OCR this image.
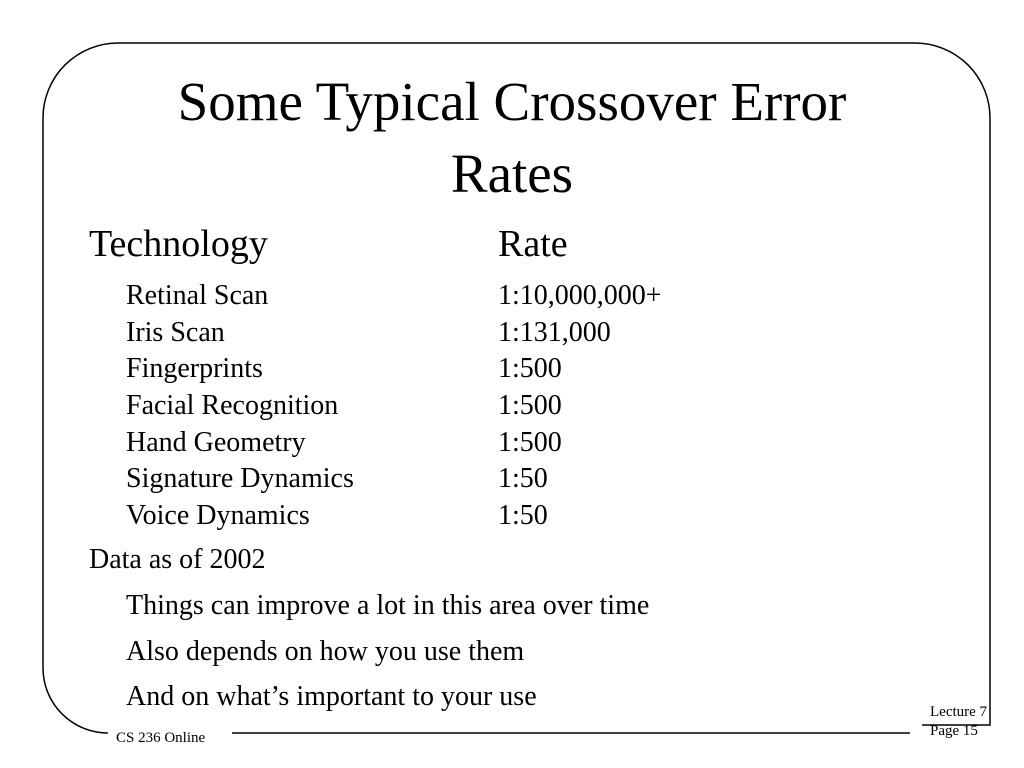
Some Typical Crossover Error
Rates
Technology	Rate
Retinal Scan	1:10,000,000+
Iris Scan	1:131,000
Fingerprints	1:500
Facial Recognition	1:500
Hand Geometry	1:500
Signature Dynamics	1:50
Voice Dynamics	1:50
Data as of 2002
Things can improve a lot in this area over time
Also depends on how you use them
And on what’s important to your use
CS 236 Online
Lecture 7
Page 15
